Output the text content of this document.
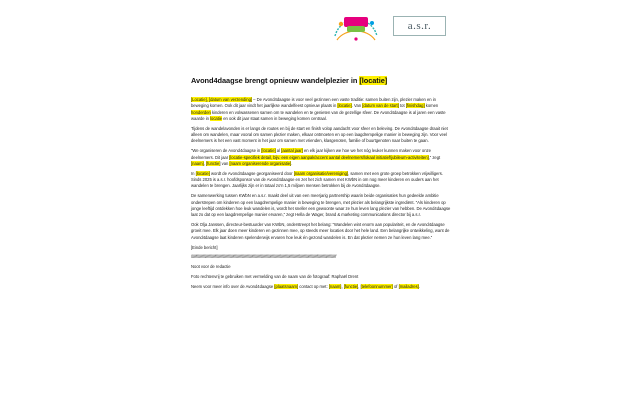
a.s.r.
Avond4daagse brengt opnieuw wandelplezier in [locatie]

[Locatie], [datum van verzending] – De Avond4daagse is voor veel gezinnen een vaste traditie: samen buiten zijn, plezier maken en in beweging komen. Ook dit jaar vindt het jaarlijkse wandelfeest opnieuw plaats in [locatie]. Van [datum van de start] tot [finishdag] komen honderden kinderen en volwassenen samen om te wandelen en te genieten van de gezellige sfeer. De Avond4daagse is al jaren een vaste waarde in locatie en ook dit jaar staat samen in beweging komen centraal.

Tijdens de wandelavonden is er langs de routes en bij de start en finish volop aandacht voor sfeer en beleving. De Avond4daagse draait niet alleen om wandelen, maar vooral om samen plezier maken, elkaar ontmoeten en op een laagdrempelige manier in beweging zijn. Voor veel deelnemers is het een vast moment in het jaar om samen met vrienden, klasgenoten, familie of buurtgenoten naar buiten te gaan.

“We organiseren de Avond4daagse in [locatie] al [aantal jaar] en elk jaar kijken we hoe we het nóg leuker kunnen maken voor onze deelnemers. Dit jaar [locatie-specifiek detail, bijv. een eigen aanpak/accent aantal deelnemers/lokaal initiatief/jubileum-activiteiten],” zegt [naam], [functie] van [naam organiserende organisatie].

In [locatie] wordt de Avond4daagse georganiseerd door [naam organisatie/vereniging], samen met een grote groep betrokken vrijwilligers. Sinds 2025 is a.s.r. hoofdsponsor van de Avond4daagse en zet het zich samen met KWbN in om nog meer kinderen en ouders aan het wandelen te brengen. Jaarlijks zijn er in totaal zo'n 1,5 miljoen mensen betrokken bij de Avond4daagse.

De samenwerking tussen KWbN en a.s.r. maakt deel uit van een meerjarig partnership waarin beide organisaties hun gedeelde ambitie onderstrepen om kinderen op een laagdrempelige manier in beweging te brengen, met plezier als belangrijkste ingrediënt. “Als kinderen op jonge leeftijd ontdekken hoe leuk wandelen is, wordt het sneller een gewoonte waar ze hun leven lang plezier van hebben. De Avond4daagse laat zo dat op een laagdrempelige manier ervaren,” zegt Hella de Wager, brand & marketing communications director bij a.s.r.

Ook Olja Janssen, directeur-bestuurder van KWbN, onderstreept het belang: “Wandelen wint enorm aan populariteit, en de Avond4daagse groeit mee. Elk jaar doen meer kinderen en gezinnen mee, op steeds meer locaties door het hele land. Een belangrijke ontwikkeling, want de Avond4daagse laat kinderen spelenderwijs ervaren hoe leuk én gezond wandelen is. En dat plezier nemen ze hun leven lang mee.”

[Einde bericht]

////////////////////////////////////////////////////////////////////////////////////////////////////////////////////////////////////////////////////////////////////////

Noot voor de redactie

Foto rechtenvrij te gebruiken met vermelding van de naam van de fotograaf: Raphaël Drent

Neem voor meer info over de Avond4daagse [plaatsnaam] contact op met: [naam], [functie], [telefoonnummer] of [mailadres].
